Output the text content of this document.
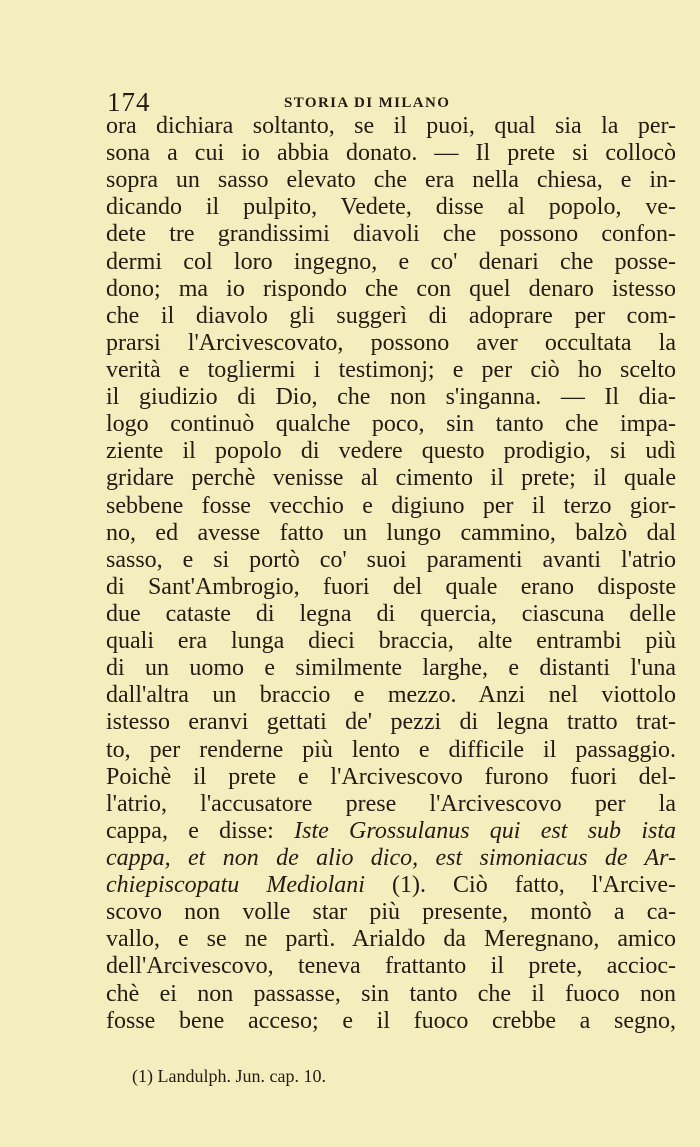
174	STORIA DI MILANO
ora dichiara soltanto, se il puoi, qual sia la per-
sona a cui io abbia donato. — Il prete si collocò
sopra un sasso elevato che era nella chiesa, e in-
dicando il pulpito, Vedete, disse al popolo, ve-
dete tre grandissimi diavoli che possono confon-
dermi col loro ingegno, e co' denari che posse-
dono; ma io rispondo che con quel denaro istesso
che il diavolo gli suggerì di adoprare per com-
prarsi l'Arcivescovato, possono aver occultata la
verità e togliermi i testimonj; e per ciò ho scelto
il giudizio di Dio, che non s'inganna. — Il dia-
logo continuò qualche poco, sin tanto che impa-
ziente il popolo di vedere questo prodigio, si udì
gridare perchè venisse al cimento il prete; il quale
sebbene fosse vecchio e digiuno per il terzo gior-
no, ed avesse fatto un lungo cammino, balzò dal
sasso, e si portò co' suoi paramenti avanti l'atrio
di Sant'Ambrogio, fuori del quale erano disposte
due cataste di legna di quercia, ciascuna delle
quali era lunga dieci braccia, alte entrambi più
di un uomo e similmente larghe, e distanti l'una
dall'altra un braccio e mezzo. Anzi nel viottolo
istesso eranvi gettati de' pezzi di legna tratto trat-
to, per renderne più lento e difficile il passaggio.
Poichè il prete e l'Arcivescovo furono fuori del-
l'atrio, l'accusatore prese l'Arcivescovo per la
cappa, e disse: Iste Grossulanus qui est sub ista
cappa, et non de alio dico, est simoniacus de Ar-
chiepiscopatu Mediolani (1). Ciò fatto, l'Arcive-
scovo non volle star più presente, montò a ca-
vallo, e se ne partì. Arialdo da Meregnano, amico
dell'Arcivescovo, teneva frattanto il prete, accioc-
chè ei non passasse, sin tanto che il fuoco non
fosse bene acceso; e il fuoco crebbe a segno,
(1) Landulph. Jun. cap. 10.
